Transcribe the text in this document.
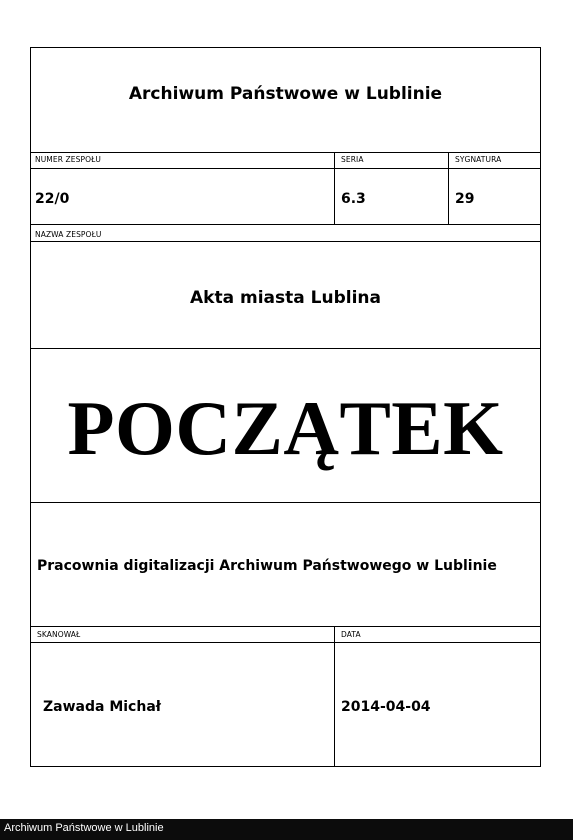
Archiwum Państwowe w Lublinie
NUMER ZESPOŁU	SERIA	SYGNATURA
22/0	6.3	29
NAZWA ZESPOŁU
Akta miasta Lublina
POCZĄTEK
Pracownia digitalizacji Archiwum Państwowego w Lublinie
SKANOWAŁ	DATA
Zawada Michał	2014-04-04
Archiwum Państwowe w Lublinie
